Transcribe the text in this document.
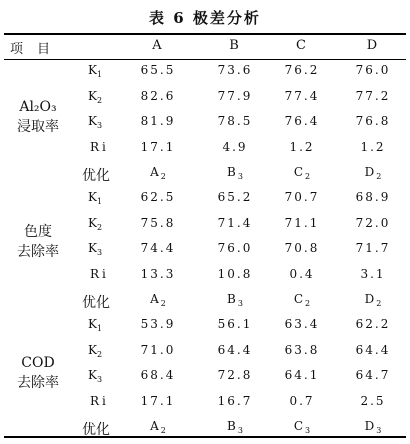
表 6 极差分析
项目	A	B	C	D
Al₂O₃
浸取率
$K_1$	65.5	73.6	76.2	76.0
$K_2$	82.6	77.9	77.4	77.2
$K_3$	81.9	78.5	76.4	76.8
Ri	17.1	4.9	1.2	1.2
优化	$A_2$	$B_3$	$C_2$	$D_2$
色度
去除率
$K_1$	62.5	65.2	70.7	68.9
$K_2$	75.8	71.4	71.1	72.0
$K_3$	74.4	76.0	70.8	71.7
Ri	13.3	10.8	0.4	3.1
优化	$A_2$	$B_3$	$C_2$	$D_2$
COD
去除率
$K_1$	53.9	56.1	63.4	62.2
$K_2$	71.0	64.4	63.8	64.4
$K_3$	68.4	72.8	64.1	64.7
Ri	17.1	16.7	0.7	2.5
优化	$A_2$	$B_3$	$C_3$	$D_3$
